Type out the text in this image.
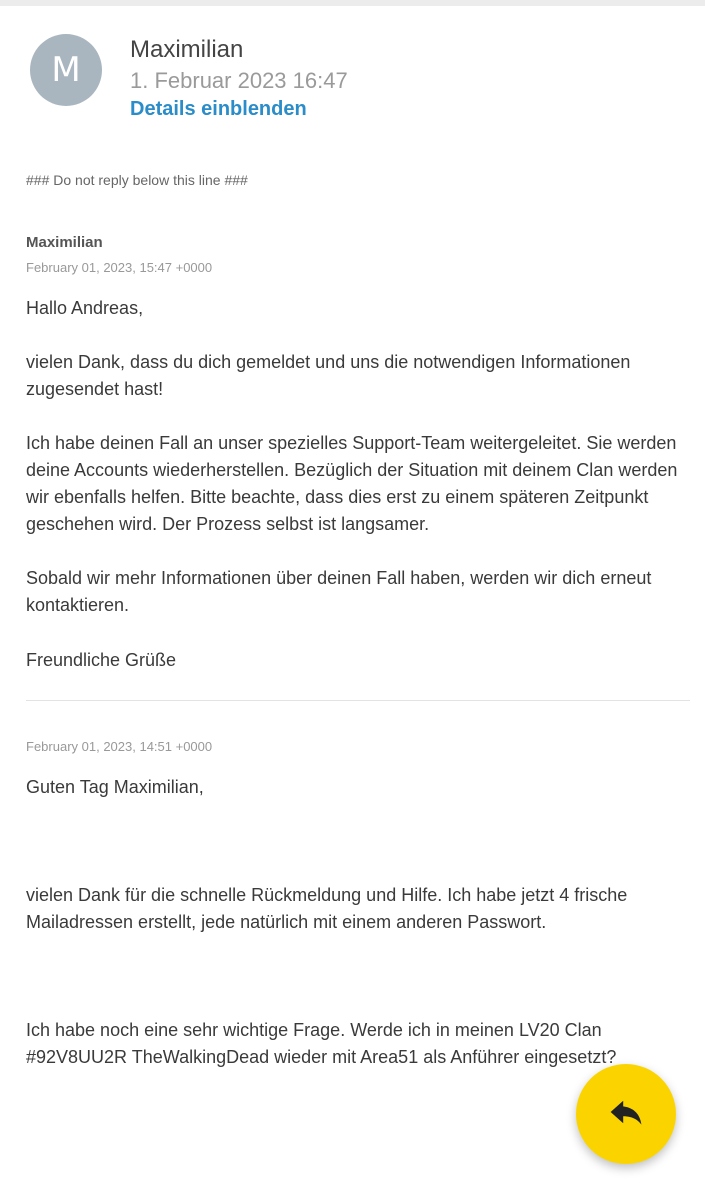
M
Maximilian
1. Februar 2023 16:47
Details einblenden
### Do not reply below this line ###
Maximilian
February 01, 2023, 15:47 +0000
Hallo Andreas,
vielen Dank, dass du dich gemeldet und uns die notwendigen Informationen zugesendet hast!
Ich habe deinen Fall an unser spezielles Support-Team weitergeleitet. Sie werden deine Accounts wiederherstellen. Bezüglich der Situation mit deinem Clan werden wir ebenfalls helfen. Bitte beachte, dass dies erst zu einem späteren Zeitpunkt geschehen wird. Der Prozess selbst ist langsamer.
Sobald wir mehr Informationen über deinen Fall haben, werden wir dich erneut kontaktieren.
Freundliche Grüße
February 01, 2023, 14:51 +0000
Guten Tag Maximilian,
vielen Dank für die schnelle Rückmeldung und Hilfe. Ich habe jetzt 4 frische Mailadressen erstellt, jede natürlich mit einem anderen Passwort.
Ich habe noch eine sehr wichtige Frage. Werde ich in meinen LV20 Clan #92V8UU2R TheWalkingDead wieder mit Area51 als Anführer eingesetzt?
